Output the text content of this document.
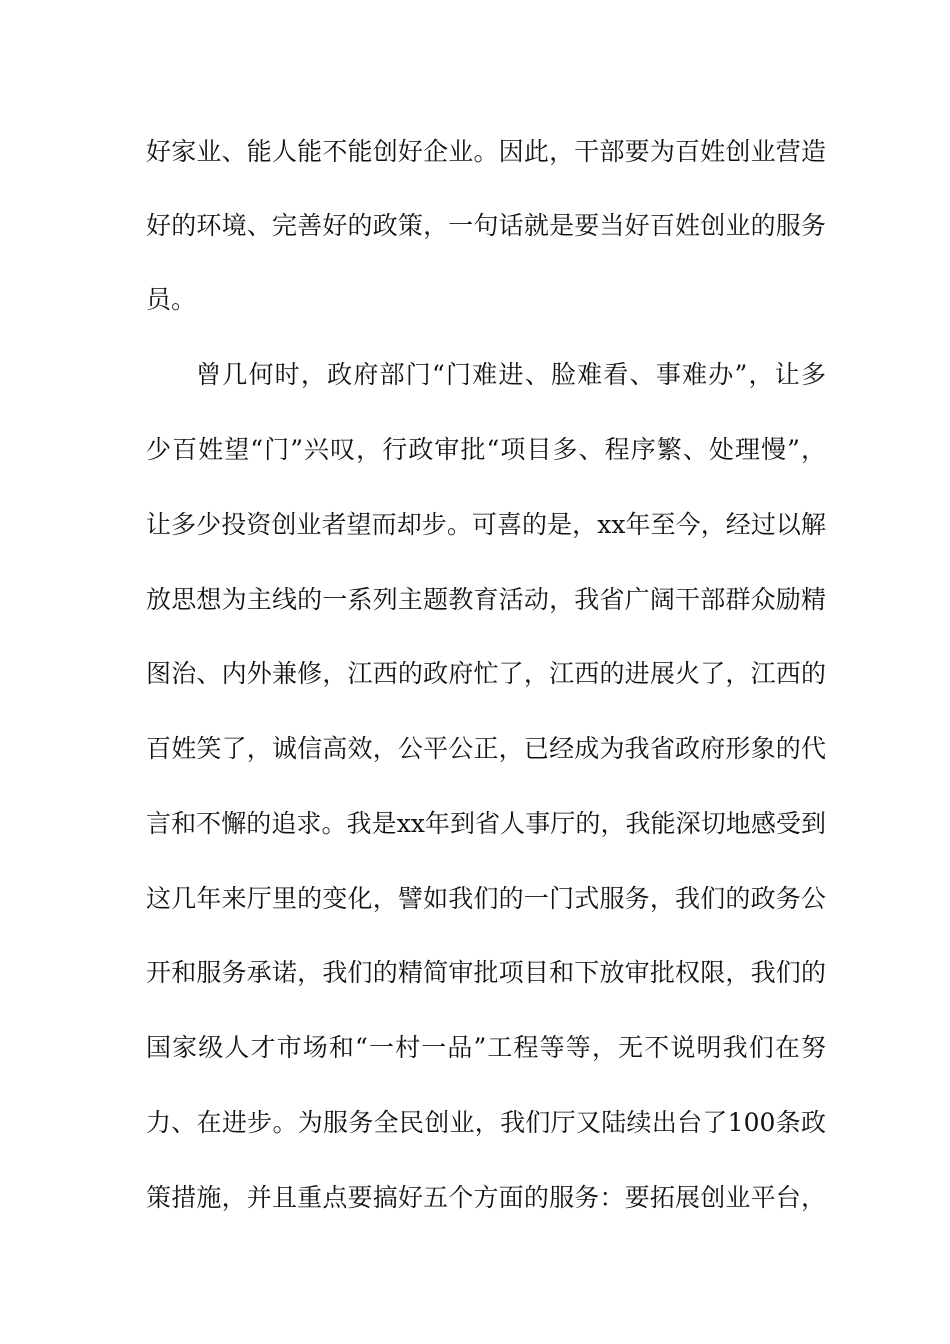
好家业、能人能不能创好企业。因此，干部要为百姓创业营造
好的环境、完善好的政策，一句话就是要当好百姓创业的服务
员。
曾几何时，政府部门“门难进、脸难看、事难办”，让多
少百姓望“门”兴叹，行政审批“项目多、程序繁、处理慢”，
让多少投资创业者望而却步。可喜的是，xx年至今，经过以解
放思想为主线的一系列主题教育活动，我省广阔干部群众励精
图治、内外兼修，江西的政府忙了，江西的进展火了，江西的
百姓笑了，诚信高效，公平公正，已经成为我省政府形象的代
言和不懈的追求。我是xx年到省人事厅的，我能深切地感受到
这几年来厅里的变化，譬如我们的一门式服务，我们的政务公
开和服务承诺，我们的精简审批项目和下放审批权限，我们的
国家级人才市场和“一村一品”工程等等，无不说明我们在努
力、在进步。为服务全民创业，我们厅又陆续出台了100条政
策措施，并且重点要搞好五个方面的服务：要拓展创业平台，
